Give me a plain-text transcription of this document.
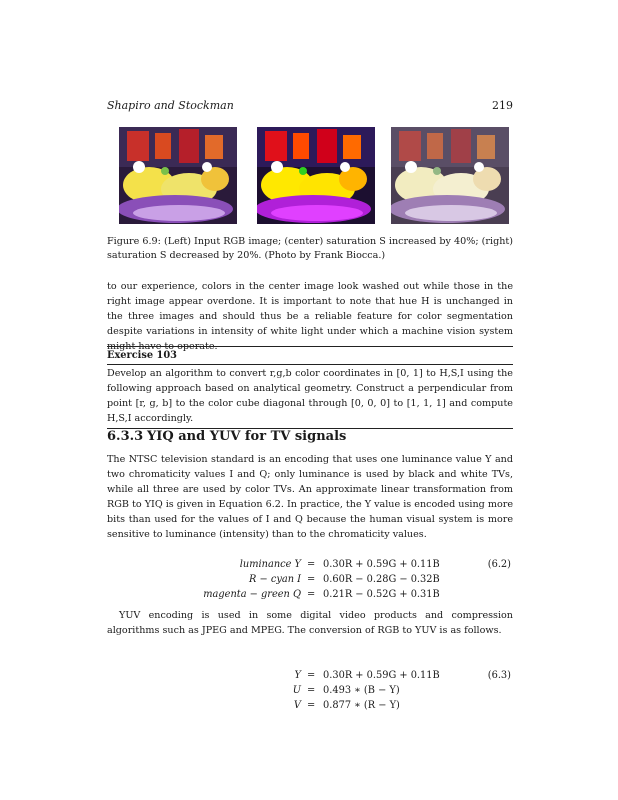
Shapiro and Stockman	219
Figure 6.9: (Left) Input RGB image; (center) saturation S increased by 40%; (right) saturation S decreased by 20%. (Photo by Frank Biocca.)
to our experience, colors in the center image look washed out while those in the right image appear overdone. It is important to note that hue H is unchanged in the three images and should thus be a reliable feature for color segmentation despite variations in intensity of white light under which a machine vision system might have to operate.
Exercise 103
Develop an algorithm to convert r,g,b color coordinates in [0, 1] to H,S,I using the following approach based on analytical geometry. Construct a perpendicular from point [r, g, b] to the color cube diagonal through [0, 0, 0] to [1, 1, 1] and compute H,S,I accordingly.
6.3.3 YIQ and YUV for TV signals
The NTSC television standard is an encoding that uses one luminance value Y and two chromaticity values I and Q; only luminance is used by black and white TVs, while all three are used by color TVs. An approximate linear transformation from RGB to YIQ is given in Equation 6.2. In practice, the Y value is encoded using more bits than used for the values of I and Q because the human visual system is more sensitive to luminance (intensity) than to the chromaticity values.
luminance Y = 0.30R + 0.59G + 0.11B	(6.2)
R − cyan I = 0.60R − 0.28G − 0.32B
magenta − green Q = 0.21R − 0.52G + 0.31B
YUV encoding is used in some digital video products and compression algorithms such as JPEG and MPEG. The conversion of RGB to YUV is as follows.
Y = 0.30R + 0.59G + 0.11B	(6.3)
U = 0.493 ∗ (B − Y)
V = 0.877 ∗ (R − Y)
